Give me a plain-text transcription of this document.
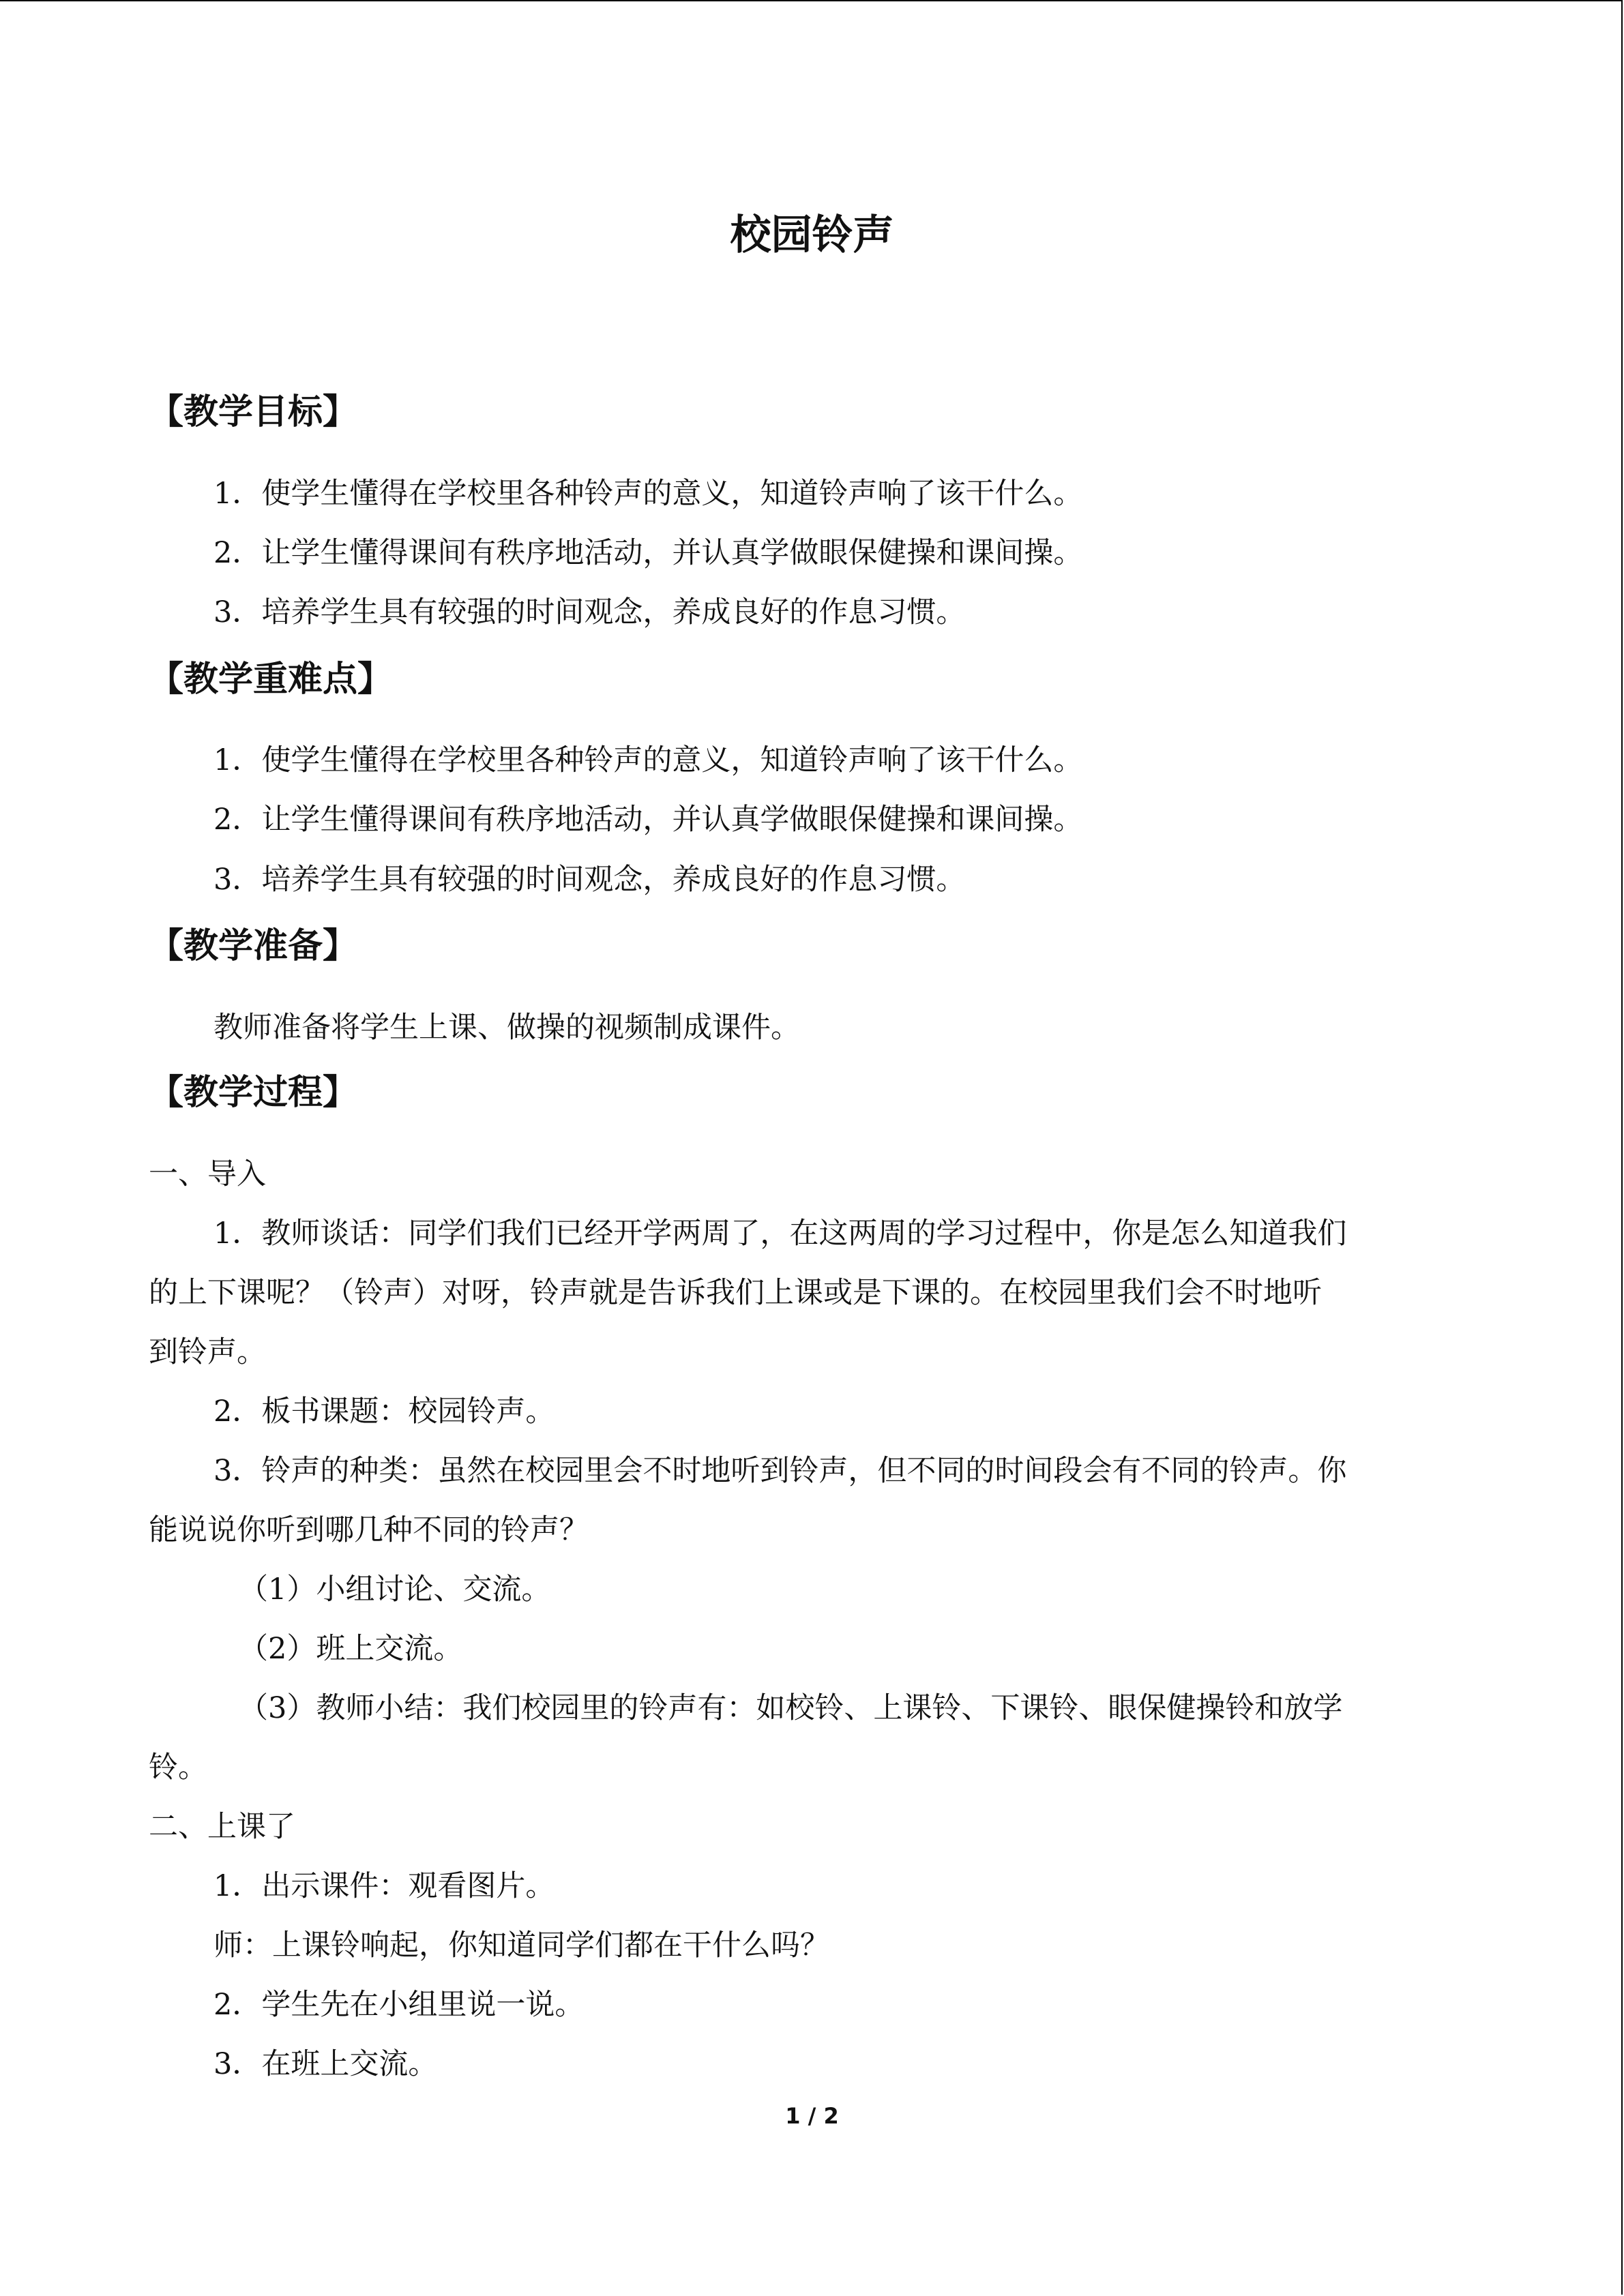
校园铃声
【教学目标】
1．使学生懂得在学校里各种铃声的意义，知道铃声响了该干什么。
2．让学生懂得课间有秩序地活动，并认真学做眼保健操和课间操。
3．培养学生具有较强的时间观念，养成良好的作息习惯。
【教学重难点】
1．使学生懂得在学校里各种铃声的意义，知道铃声响了该干什么。
2．让学生懂得课间有秩序地活动，并认真学做眼保健操和课间操。
3．培养学生具有较强的时间观念，养成良好的作息习惯。
【教学准备】
教师准备将学生上课、做操的视频制成课件。
【教学过程】
一、导入
1．教师谈话：同学们我们已经开学两周了，在这两周的学习过程中，你是怎么知道我们
的上下课呢？（铃声）对呀，铃声就是告诉我们上课或是下课的。在校园里我们会不时地听
到铃声。
2．板书课题：校园铃声。
3．铃声的种类：虽然在校园里会不时地听到铃声，但不同的时间段会有不同的铃声。你
能说说你听到哪几种不同的铃声？
（1）小组讨论、交流。
（2）班上交流。
（3）教师小结：我们校园里的铃声有：如校铃、上课铃、下课铃、眼保健操铃和放学
铃。
二、上课了
1．出示课件：观看图片。
师：上课铃响起，你知道同学们都在干什么吗？
2．学生先在小组里说一说。
3．在班上交流。
1 / 2
